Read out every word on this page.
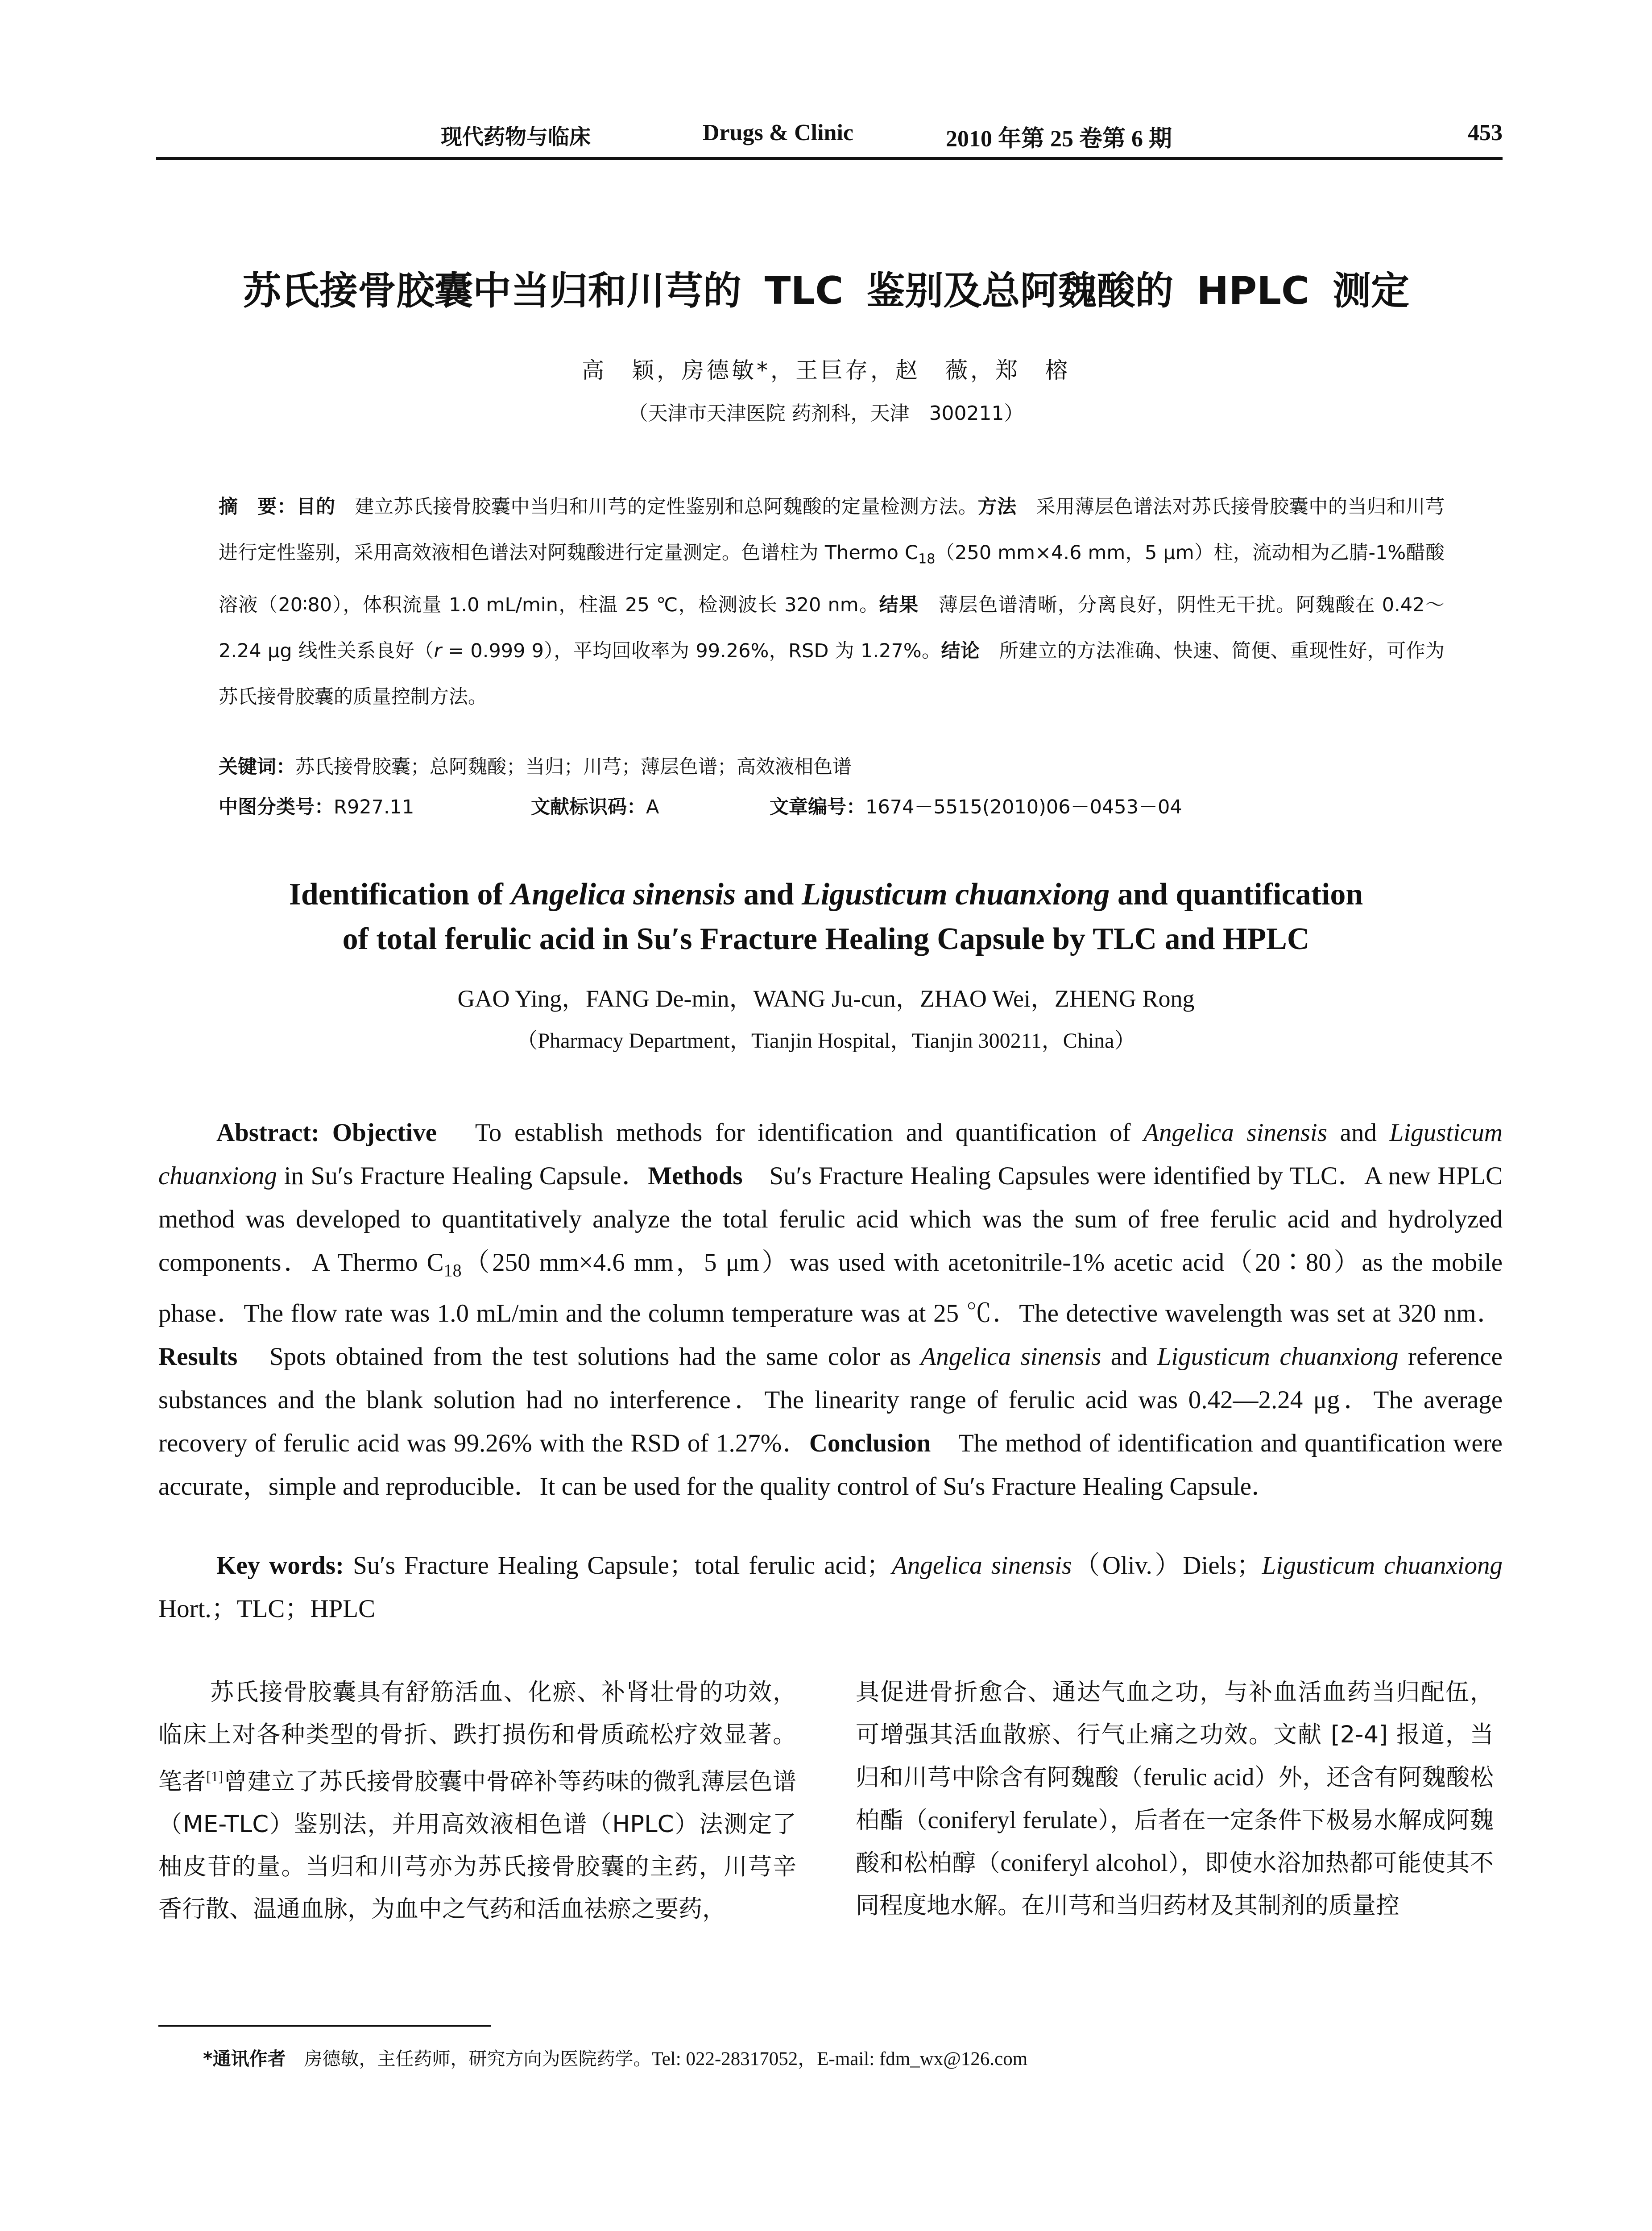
现代药物与临床	Drugs & Clinic	2010 年第 25 卷第 6 期	453
苏氏接骨胶囊中当归和川芎的 TLC 鉴别及总阿魏酸的 HPLC 测定
高　颖，房德敏*，王巨存，赵　薇，郑　榕
（天津市天津医院 药剂科，天津　300211）
摘　要：目的　建立苏氏接骨胶囊中当归和川芎的定性鉴别和总阿魏酸的定量检测方法。方法　采用薄层色谱法对苏氏接骨胶囊中的当归和川芎进行定性鉴别，采用高效液相色谱法对阿魏酸进行定量测定。色谱柱为 Thermo $C_{18}(250$ mm×4.6 mm，5 μm）柱，流动相为乙腈-1%醋酸溶液（20∶80），体积流量 1.0 mL/min，柱温 25 ℃，检测波长 320 nm。结果　薄层色谱清晰，分离良好，阴性无干扰。阿魏酸在 0.42～2.24 μg 线性关系良好（r = 0.999 9），平均回收率为 99.26%，RSD 为 1.27%。结论　所建立的方法准确、快速、简便、重现性好，可作为苏氏接骨胶囊的质量控制方法。
关键词：苏氏接骨胶囊；总阿魏酸；当归；川芎；薄层色谱；高效液相色谱
中图分类号：R927.11	文献标识码：A	文章编号：1674－5515(2010)06－0453－04
Identification of Angelica sinensis and Ligusticum chuanxiong and quantification
of total ferulic acid in Su′s Fracture Healing Capsule by TLC and HPLC
GAO Ying，FANG De-min，WANG Ju-cun，ZHAO Wei，ZHENG Rong
（Pharmacy Department，Tianjin Hospital，Tianjin 300211，China）
Abstract: Objective　To establish methods for identification and quantification of Angelica sinensis and Ligusticum chuanxiong in Su′s Fracture Healing Capsule．Methods　Su′s Fracture Healing Capsules were identified by TLC．A new HPLC method was developed to quantitatively analyze the total ferulic acid which was the sum of free ferulic acid and hydrolyzed components．A Thermo $C_{18}(250$ mm×4.6 mm，5 μm）was used with acetonitrile-1% acetic acid（20∶80）as the mobile phase．The flow rate was 1.0 mL/min and the column temperature was at 25 ℃．The detective wavelength was set at 320 nm．Results　Spots obtained from the test solutions had the same color as Angelica sinensis and Ligusticum chuanxiong reference substances and the blank solution had no interference．The linearity range of ferulic acid was 0.42—2.24 μg．The average recovery of ferulic acid was 99.26% with the RSD of 1.27%．Conclusion　The method of identification and quantification were accurate，simple and reproducible．It can be used for the quality control of Su′s Fracture Healing Capsule．
Key words: Su′s Fracture Healing Capsule；total ferulic acid；Angelica sinensis（Oliv.）Diels；Ligusticum chuanxiong Hort.；TLC；HPLC
苏氏接骨胶囊具有舒筋活血、化瘀、补肾壮骨的功效，临床上对各种类型的骨折、跌打损伤和骨质疏松疗效显著。笔者[1]曾建立了苏氏接骨胶囊中骨碎补等药味的微乳薄层色谱（ME-TLC）鉴别法，并用高效液相色谱（HPLC）法测定了柚皮苷的量。当归和川芎亦为苏氏接骨胶囊的主药，川芎辛香行散、温通血脉，为血中之气药和活血祛瘀之要药，
具促进骨折愈合、通达气血之功，与补血活血药当归配伍，可增强其活血散瘀、行气止痛之功效。文献 [2-4] 报道，当归和川芎中除含有阿魏酸（ferulic acid）外，还含有阿魏酸松柏酯（coniferyl ferulate），后者在一定条件下极易水解成阿魏酸和松柏醇（coniferyl alcohol），即使水浴加热都可能使其不同程度地水解。在川芎和当归药材及其制剂的质量控
*通讯作者　房德敏，主任药师，研究方向为医院药学。Tel: 022-28317052，E-mail: fdm_wx@126.com
